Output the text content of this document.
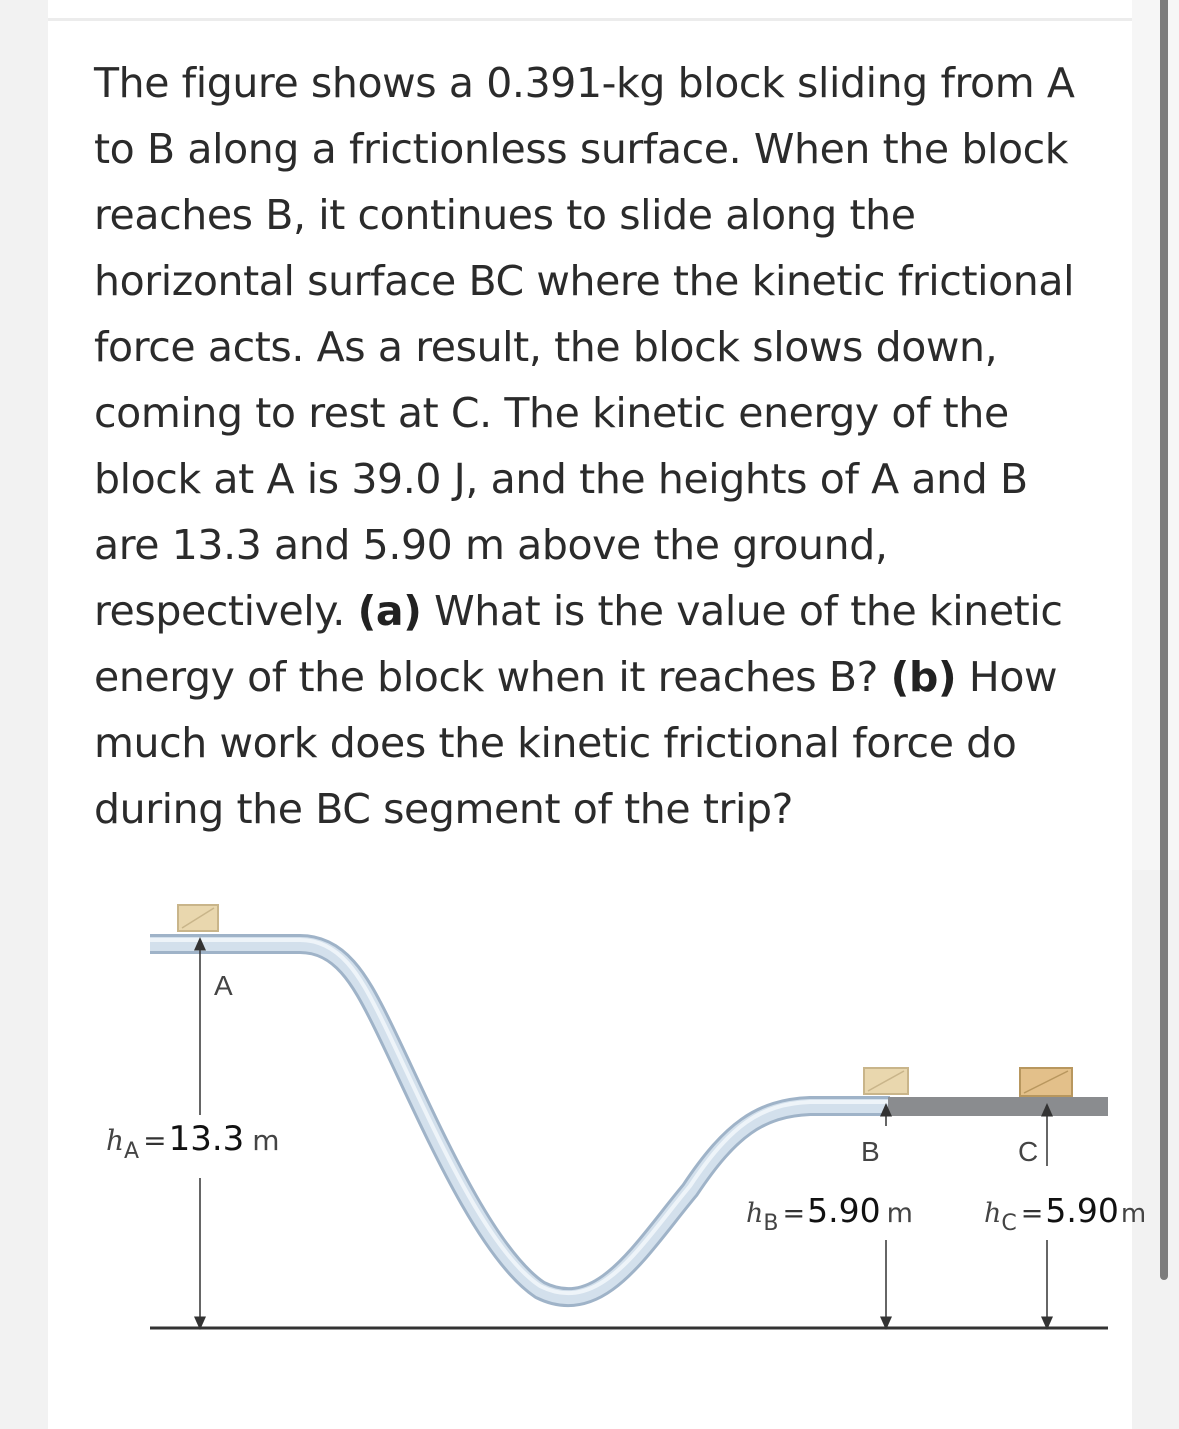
The figure shows a 0.391-kg block sliding from A to B along a frictionless surface. When the block reaches B, it continues to slide along the horizontal surface BC where the kinetic frictional force acts. As a result, the block slows down, coming to rest at C. The kinetic energy of the block at A is 39.0 J, and the heights of A and B are 13.3 and 5.90 m above the ground, respectively. (a) What is the value of the kinetic energy of the block when it reaches B? (b) How much work does the kinetic frictional force do during the BC segment of the trip?

A
B	C
$h_A$ =13.3 m
$h_B$ =5.90 m	$h_C$ =5.90m
